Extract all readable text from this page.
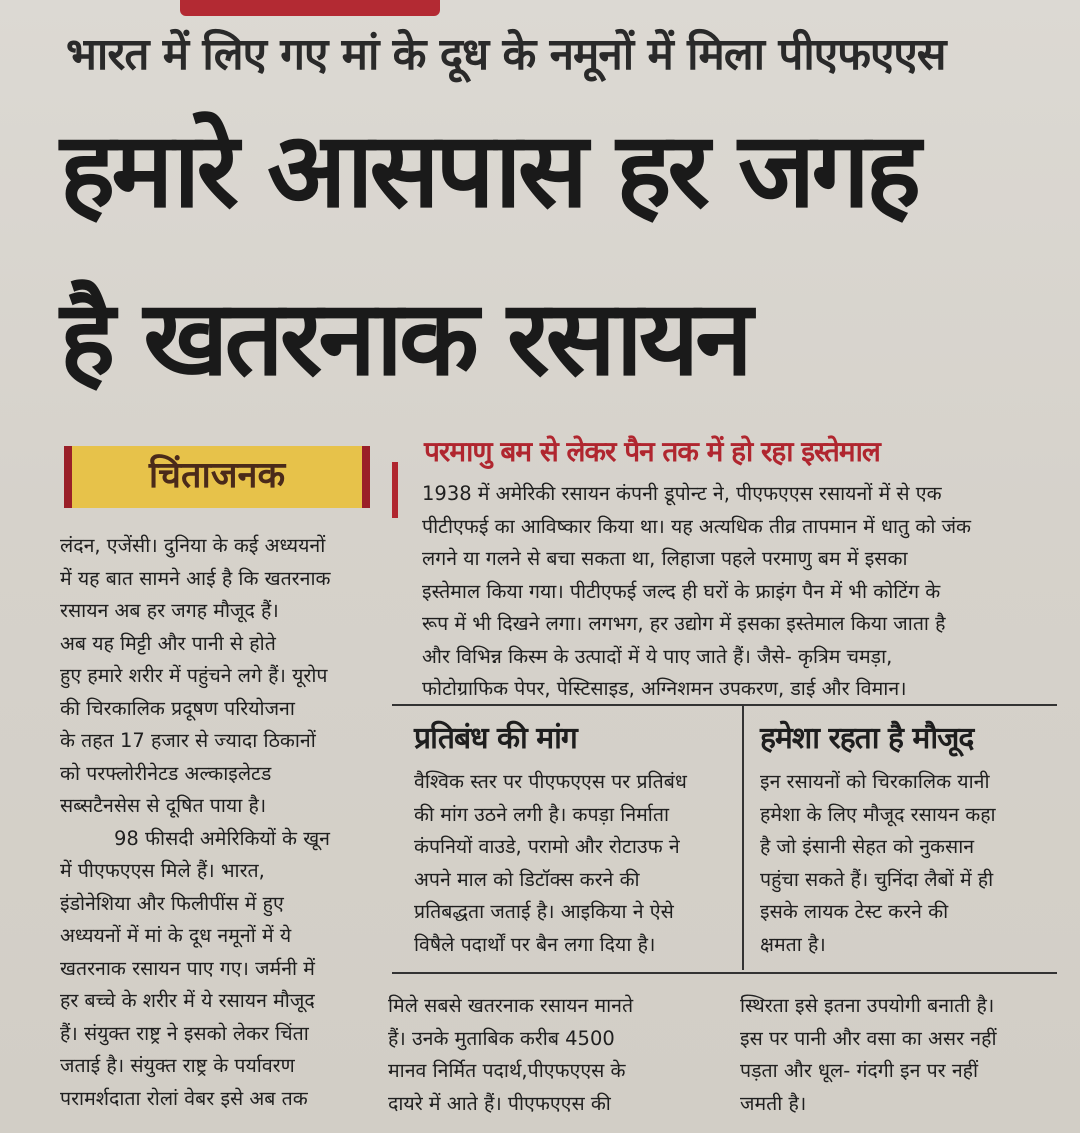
भारत में लिए गए मां के दूध के नमूनों में मिला पीएफएएस
हमारे आसपास हर जगह
है खतरनाक रसायन
चिंताजनक
लंदन, एजेंसी। दुनिया के कई अध्ययनों
में यह बात सामने आई है कि खतरनाक
रसायन अब हर जगह मौजूद हैं।
अब यह मिट्टी और पानी से होते
हुए हमारे शरीर में पहुंचने लगे हैं। यूरोप
की चिरकालिक प्रदूषण परियोजना
के तहत 17 हजार से ज्यादा ठिकानों
को परफ्लोरीनेटड अल्काइलेटड
सब्सटैनसेस से दूषित पाया है।
98 फीसदी अमेरिकियों के खून
में पीएफएएस मिले हैं। भारत,
इंडोनेशिया और फिलीपींस में हुए
अध्ययनों में मां के दूध नमूनों में ये
खतरनाक रसायन पाए गए। जर्मनी में
हर बच्चे के शरीर में ये रसायन मौजूद
हैं। संयुक्त राष्ट्र ने इसको लेकर चिंता
जताई है। संयुक्त राष्ट्र के पर्यावरण
परामर्शदाता रोलां वेबर इसे अब तक
परमाणु बम से लेकर पैन तक में हो रहा इस्तेमाल
1938 में अमेरिकी रसायन कंपनी डूपोन्ट ने, पीएफएएस रसायनों में से एक
पीटीएफई का आविष्कार किया था। यह अत्यधिक तीव्र तापमान में धातु को जंक
लगने या गलने से बचा सकता था, लिहाजा पहले परमाणु बम में इसका
इस्तेमाल किया गया। पीटीएफई जल्द ही घरों के फ्राइंग पैन में भी कोटिंग के
रूप में भी दिखने लगा। लगभग, हर उद्योग में इसका इस्तेमाल किया जाता है
और विभिन्न किस्म के उत्पादों में ये पाए जाते हैं। जैसे- कृत्रिम चमड़ा,
फोटोग्राफिक पेपर, पेस्टिसाइड, अग्निशमन उपकरण, डाई और विमान।
प्रतिबंध की मांग	हमेशा रहता है मौजूद
वैश्विक स्तर पर पीएफएएस पर प्रतिबंध
की मांग उठने लगी है। कपड़ा निर्माता
कंपनियों वाउडे, परामो और रोटाउफ ने
अपने माल को डिटॉक्स करने की
प्रतिबद्धता जताई है। आइकिया ने ऐसे
विषैले पदार्थों पर बैन लगा दिया है।
इन रसायनों को चिरकालिक यानी
हमेशा के लिए मौजूद रसायन कहा
है जो इंसानी सेहत को नुकसान
पहुंचा सकते हैं। चुनिंदा लैबों में ही
इसके लायक टेस्ट करने की
क्षमता है।
मिले सबसे खतरनाक रसायन मानते
हैं। उनके मुताबिक करीब 4500
मानव निर्मित पदार्थ,पीएफएएस के
दायरे में आते हैं। पीएफएएस की
स्थिरता इसे इतना उपयोगी बनाती है।
इस पर पानी और वसा का असर नहीं
पड़ता और धूल- गंदगी इन पर नहीं
जमती है।
